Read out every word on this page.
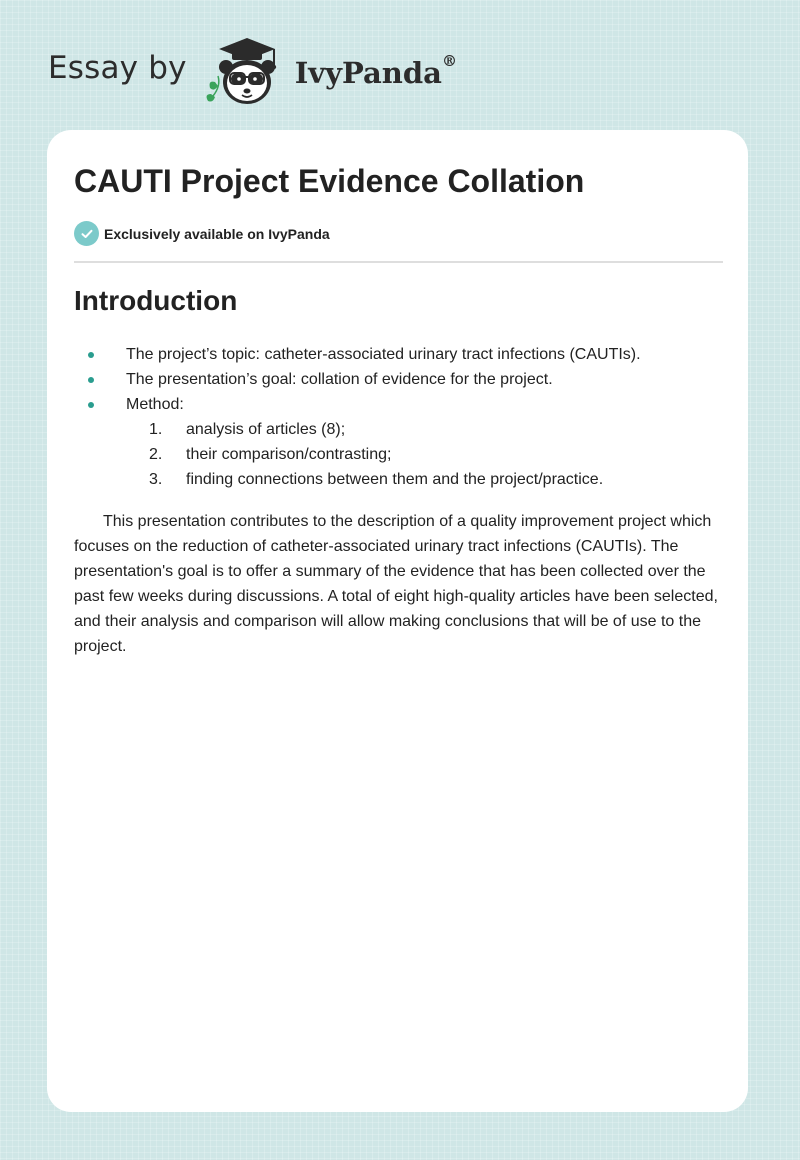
Essay by	IvyPanda®
CAUTI Project Evidence Collation
Exclusively available on IvyPanda
Introduction
The project’s topic: catheter-associated urinary tract infections (CAUTIs).
The presentation’s goal: collation of evidence for the project.
Method:
1. analysis of articles (8);
2. their comparison/contrasting;
3. finding connections between them and the project/practice.

This presentation contributes to the description of a quality improvement project which focuses on the reduction of catheter-associated urinary tract infections (CAUTIs). The presentation's goal is to offer a summary of the evidence that has been collected over the past few weeks during discussions. A total of eight high-quality articles have been selected, and their analysis and comparison will allow making conclusions that will be of use to the project.
